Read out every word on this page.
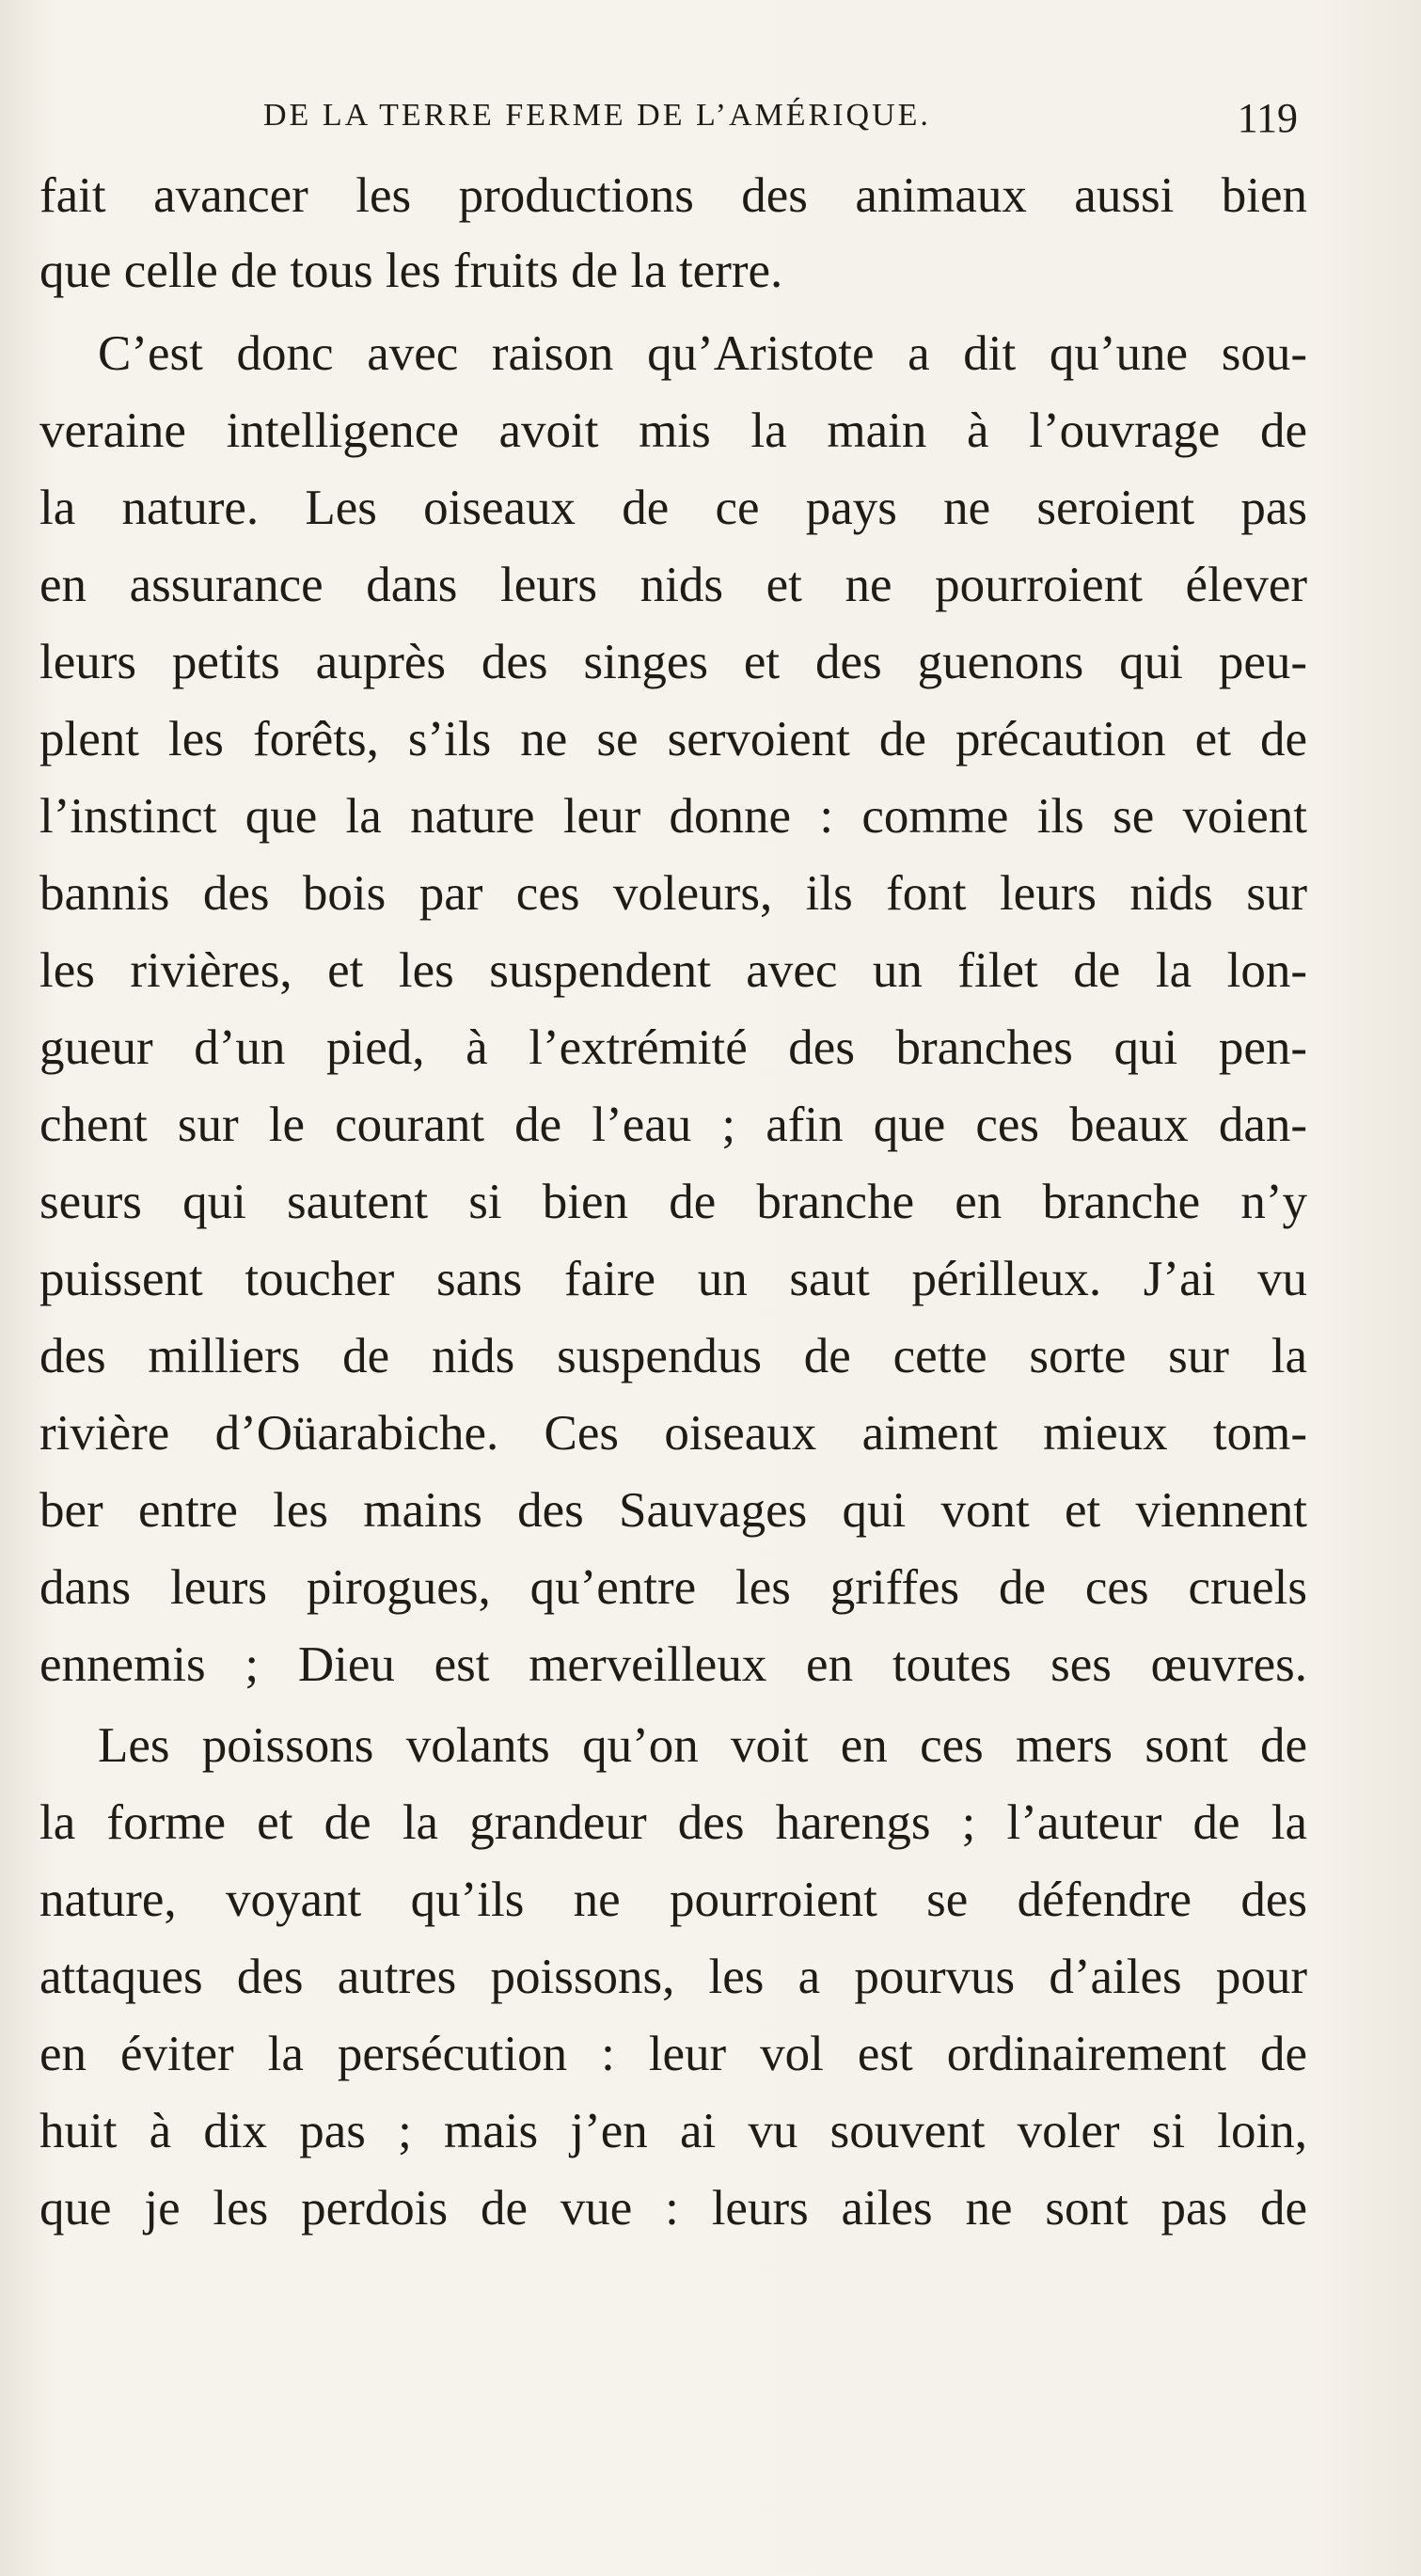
DE LA TERRE FERME DE L’AMÉRIQUE.	119
fait avancer les productions des animaux aussi bien
que celle de tous les fruits de la terre.
C’est donc avec raison qu’Aristote a dit qu’une sou-
veraine intelligence avoit mis la main à l’ouvrage de
la nature. Les oiseaux de ce pays ne seroient pas
en assurance dans leurs nids et ne pourroient élever
leurs petits auprès des singes et des guenons qui peu-
plent les forêts, s’ils ne se servoient de précaution et de
l’instinct que la nature leur donne : comme ils se voient
bannis des bois par ces voleurs, ils font leurs nids sur
les rivières, et les suspendent avec un filet de la lon-
gueur d’un pied, à l’extrémité des branches qui pen-
chent sur le courant de l’eau ; afin que ces beaux dan-
seurs qui sautent si bien de branche en branche n’y
puissent toucher sans faire un saut périlleux. J’ai vu
des milliers de nids suspendus de cette sorte sur la
rivière d’Oüarabiche. Ces oiseaux aiment mieux tom-
ber entre les mains des Sauvages qui vont et viennent
dans leurs pirogues, qu’entre les griffes de ces cruels
ennemis ; Dieu est merveilleux en toutes ses œuvres.
Les poissons volants qu’on voit en ces mers sont de
la forme et de la grandeur des harengs ; l’auteur de la
nature, voyant qu’ils ne pourroient se défendre des
attaques des autres poissons, les a pourvus d’ailes pour
en éviter la persécution : leur vol est ordinairement de
huit à dix pas ; mais j’en ai vu souvent voler si loin,
que je les perdois de vue : leurs ailes ne sont pas de
